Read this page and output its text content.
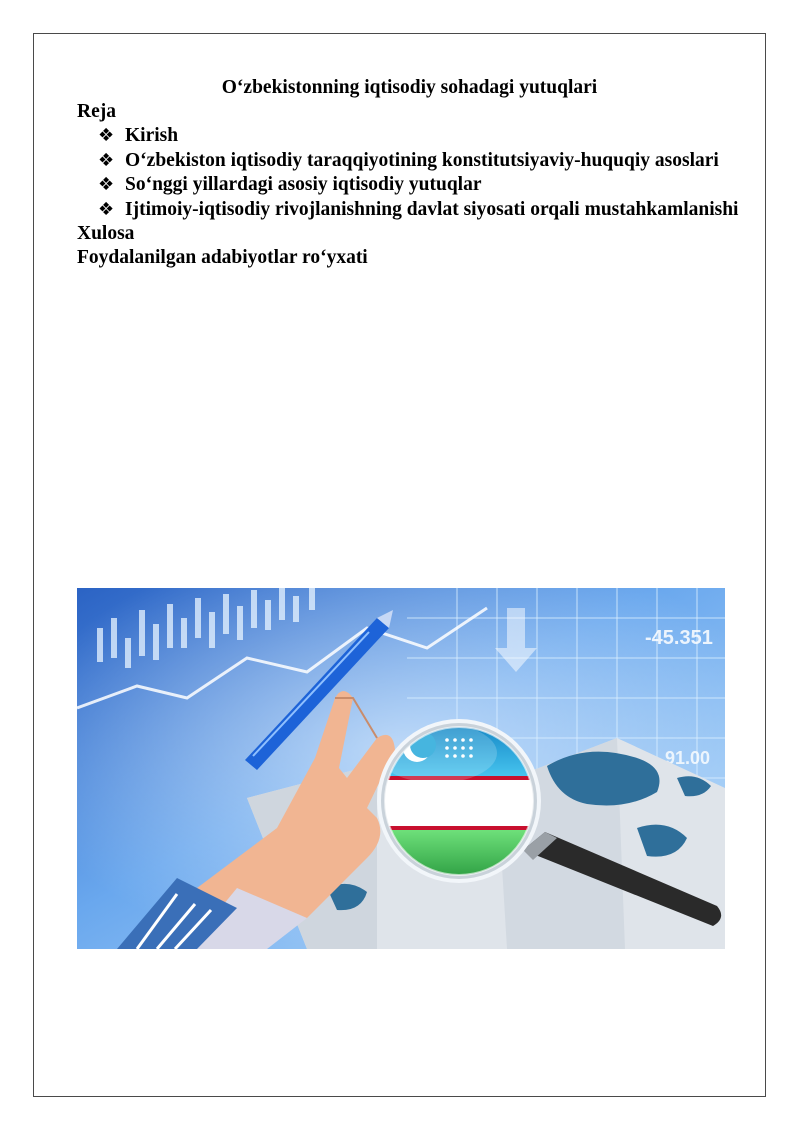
O‘zbekistonning iqtisodiy sohadagi yutuqlari

Reja

❖ Kirish
❖ O‘zbekiston iqtisodiy taraqqiyotining konstitutsiyaviy-huquqiy asoslari
❖ So‘nggi yillardagi asosiy iqtisodiy yutuqlar
❖ Ijtimoiy-iqtisodiy rivojlanishning davlat siyosati orqali mustahkamlanishi

Xulosa

Foydalanilgan adabiyotlar ro‘yxati

-45.351
91.00
